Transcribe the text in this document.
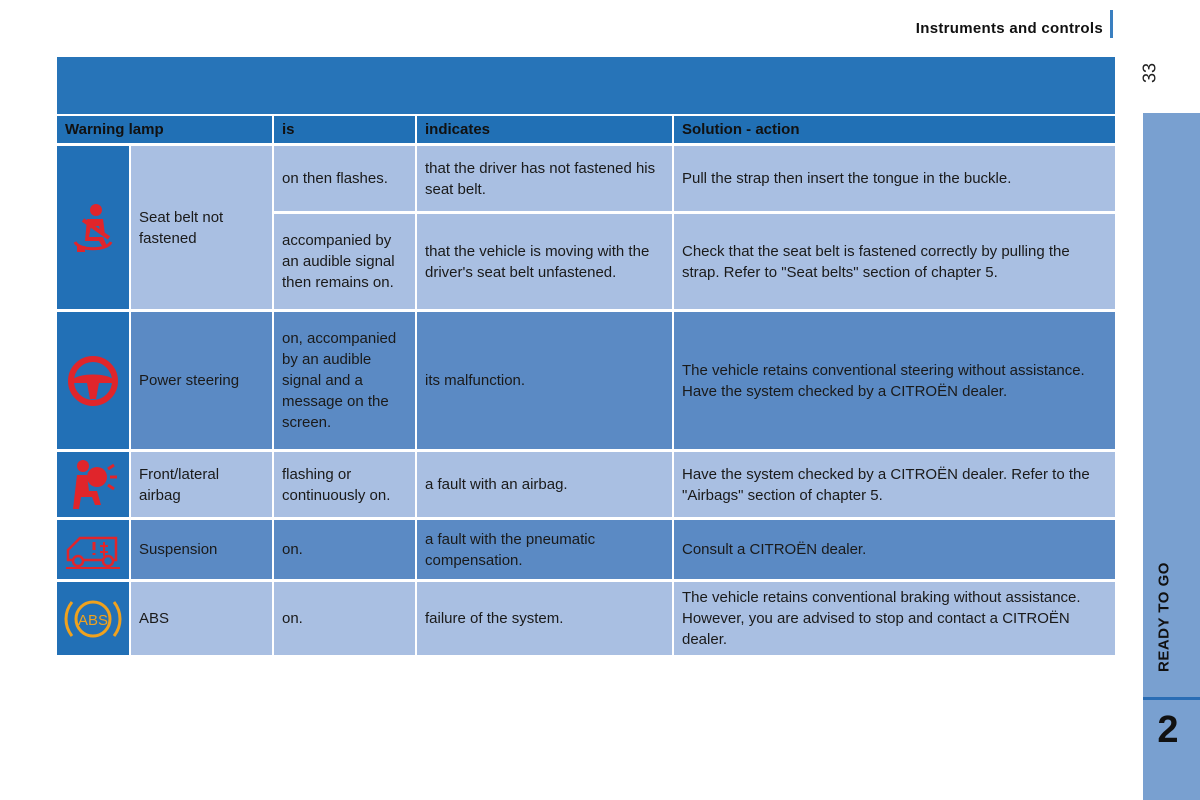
Instruments and controls
33
READY TO GO
2
Warning lamp		is	indicates	Solution - action

	Seat belt not fastened	on then flashes.	that the driver has not fastened his seat belt.	Pull the strap then insert the tongue in the buckle.
		accompanied by an audible signal then remains on.	that the vehicle is moving with the driver's seat belt unfastened.	Check that the seat belt is fastened correctly by pulling the strap. Refer to "Seat belts" section of chapter 5.

	Power steering	on, accompanied by an audible signal and a message on the screen.	its malfunction.	The vehicle retains conventional steering without assistance. Have the system checked by a CITROËN dealer.

	Front/lateral airbag	flashing or continuously on.	a fault with an airbag.	Have the system checked by a CITROËN dealer. Refer to the "Airbags" section of chapter 5.

	Suspension	on.	a fault with the pneumatic compensation.	Consult a CITROËN dealer.

ABS	ABS	on.	failure of the system.	The vehicle retains conventional braking without assistance. However, you are advised to stop and contact a CITROËN dealer.
